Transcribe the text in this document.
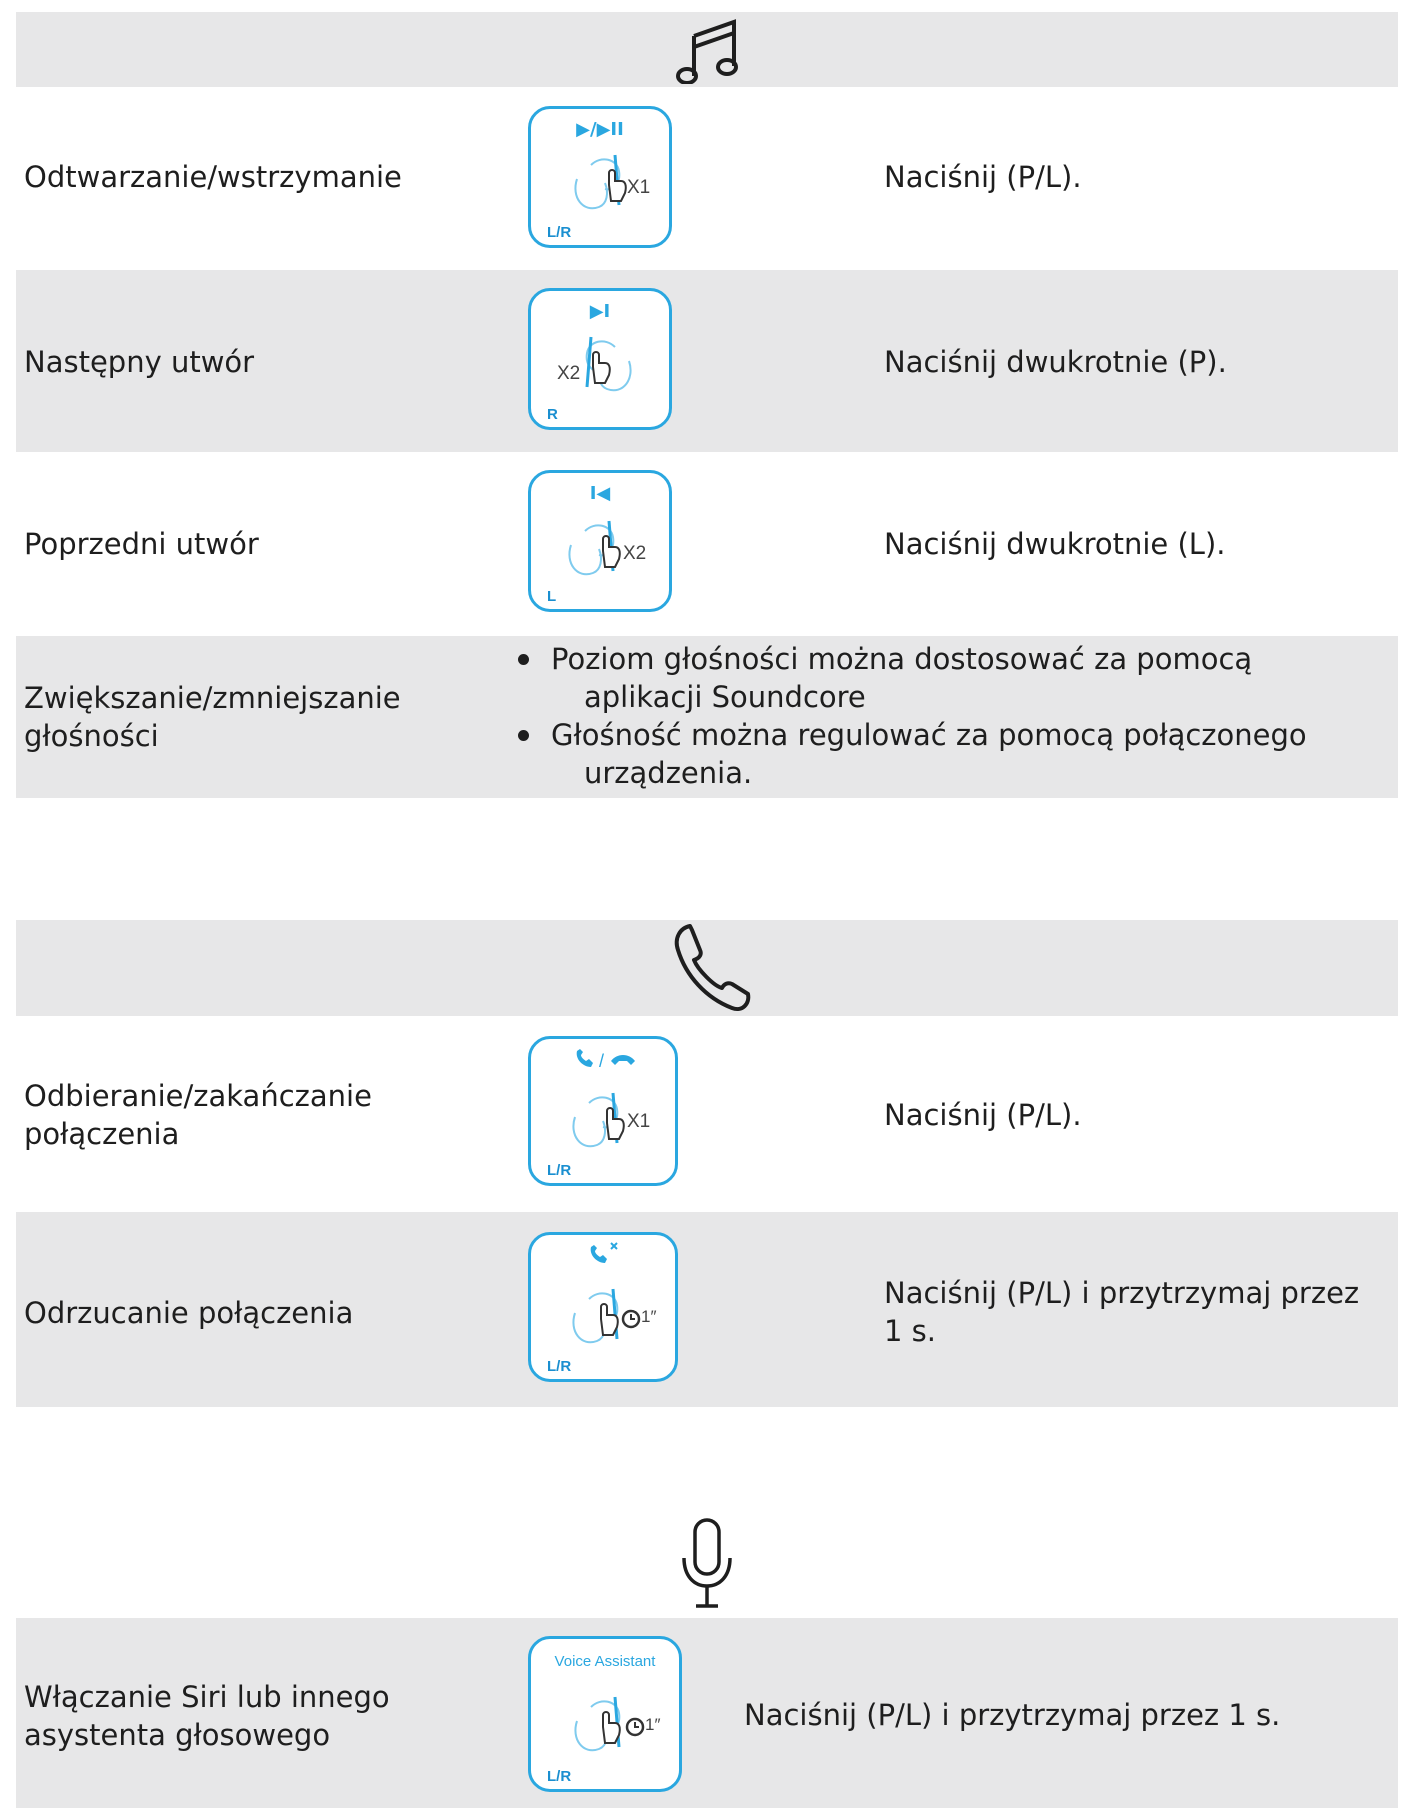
Odtwarzanie/wstrzymanie
▶/▶II
X1
L/R
Naciśnij (P/L).
Następny utwór
▶I
X2
R
Naciśnij dwukrotnie (P).
Poprzedni utwór
I◀
X2
L
Naciśnij dwukrotnie (L).
Zwiększanie/zmniejszanie
głośności
Poziom głośności można dostosować za pomocą
aplikacji Soundcore
Głośność można regulować za pomocą połączonego
urządzenia.
Odbieranie/zakańczanie
połączenia
/
X1
L/R
Naciśnij (P/L).
Odrzucanie połączenia	1″
L/R
Naciśnij (P/L) i przytrzymaj przez
1 s.
Włączanie Siri lub innego
asystenta głosowego
Voice Assistant
1″
L/R
Naciśnij (P/L) i przytrzymaj przez 1 s.
